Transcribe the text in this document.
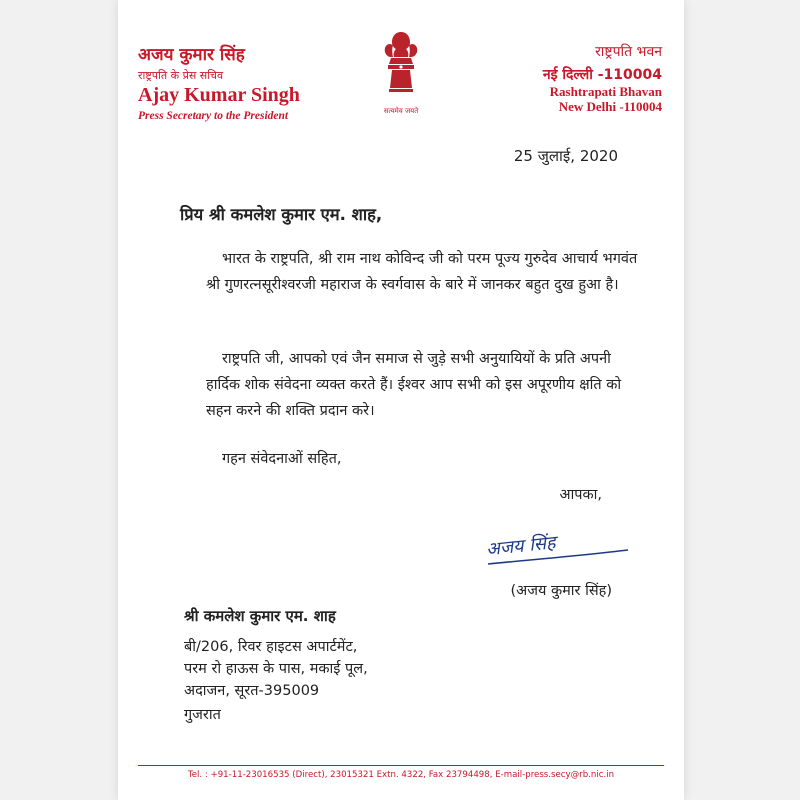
अजय कुमार सिंह
राष्ट्रपति के प्रेस सचिव
Ajay Kumar Singh
Press Secretary to the President	सत्यमेव जयते
राष्ट्रपति भवन
नई दिल्ली -110004
Rashtrapati Bhavan
New Delhi -110004
25 जुलाई, 2020
प्रिय श्री कमलेश कुमार एम. शाह,
भारत के राष्ट्रपति, श्री राम नाथ कोविन्द जी को परम पूज्य गुरुदेव आचार्य भगवंत श्री गुणरत्नसूरीश्वरजी महाराज के स्वर्गवास के बारे में जानकर बहुत दुख हुआ है।
राष्ट्रपति जी, आपको एवं जैन समाज से जुड़े सभी अनुयायियों के प्रति अपनी हार्दिक शोक संवेदना व्यक्त करते हैं। ईश्वर आप सभी को इस अपूरणीय क्षति को सहन करने की शक्ति प्रदान करे।
गहन संवेदनाओं सहित,
आपका,
अजय सिंह
(अजय कुमार सिंह)
श्री कमलेश कुमार एम. शाह
बी/206, रिवर हाइटस अपार्टमेंट,
परम रो हाऊस के पास, मकाई पूल,
अदाजन, सूरत-395009
गुजरात
Tel. : +91-11-23016535 (Direct), 23015321 Extn. 4322, Fax 23794498, E-mail-press.secy@rb.nic.in
